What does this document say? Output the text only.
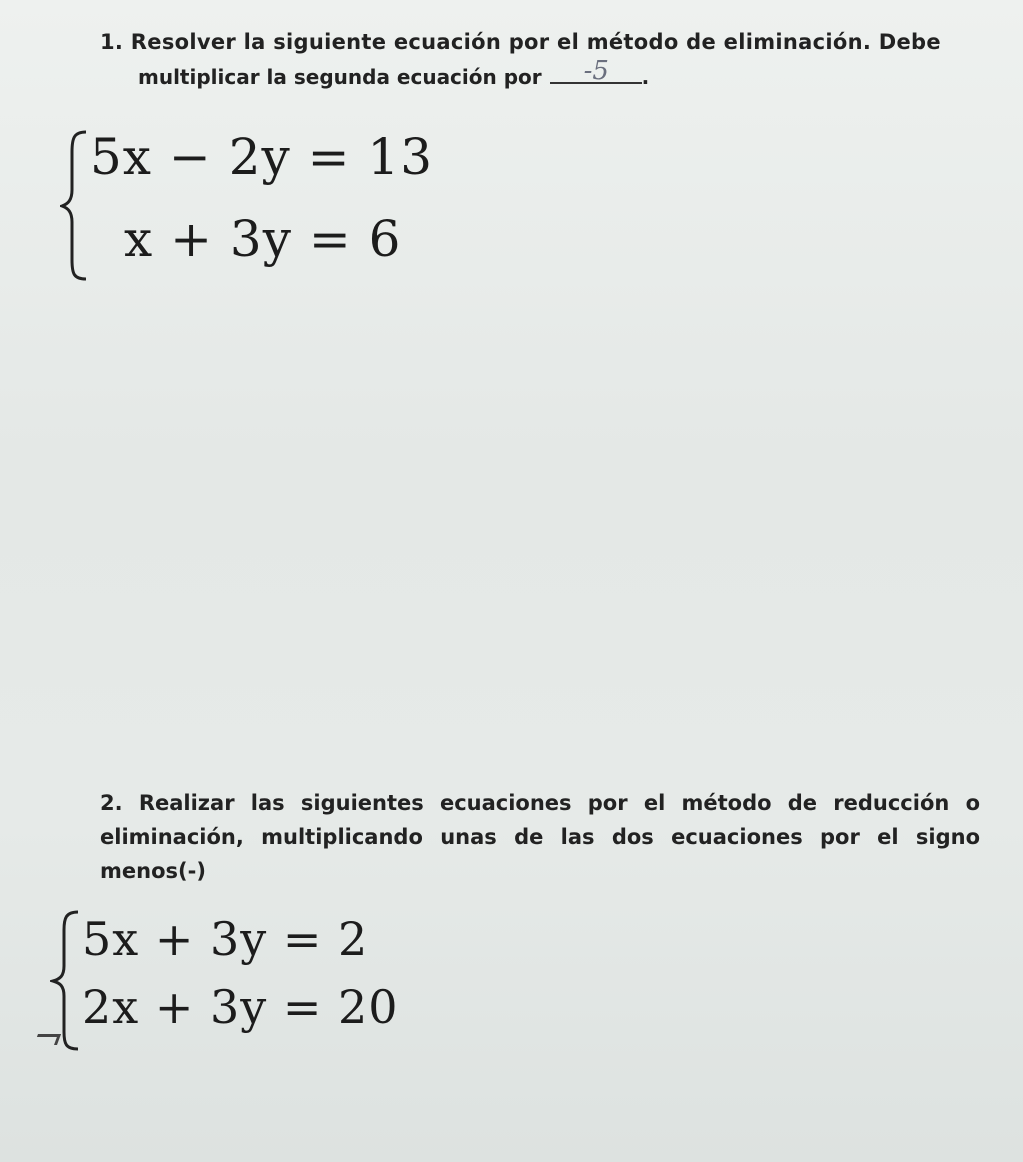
1. Resolver la siguiente ecuación por el método de eliminación. Debe

multiplicar la segunda ecuación por -5 .

5x − 2y = 13
x + 3y = 6

2. Realizar las siguientes ecuaciones por el método de reducción o eliminación, multiplicando unas de las dos ecuaciones por el signo menos(-)

5x + 3y = 2
2x + 3y = 20
